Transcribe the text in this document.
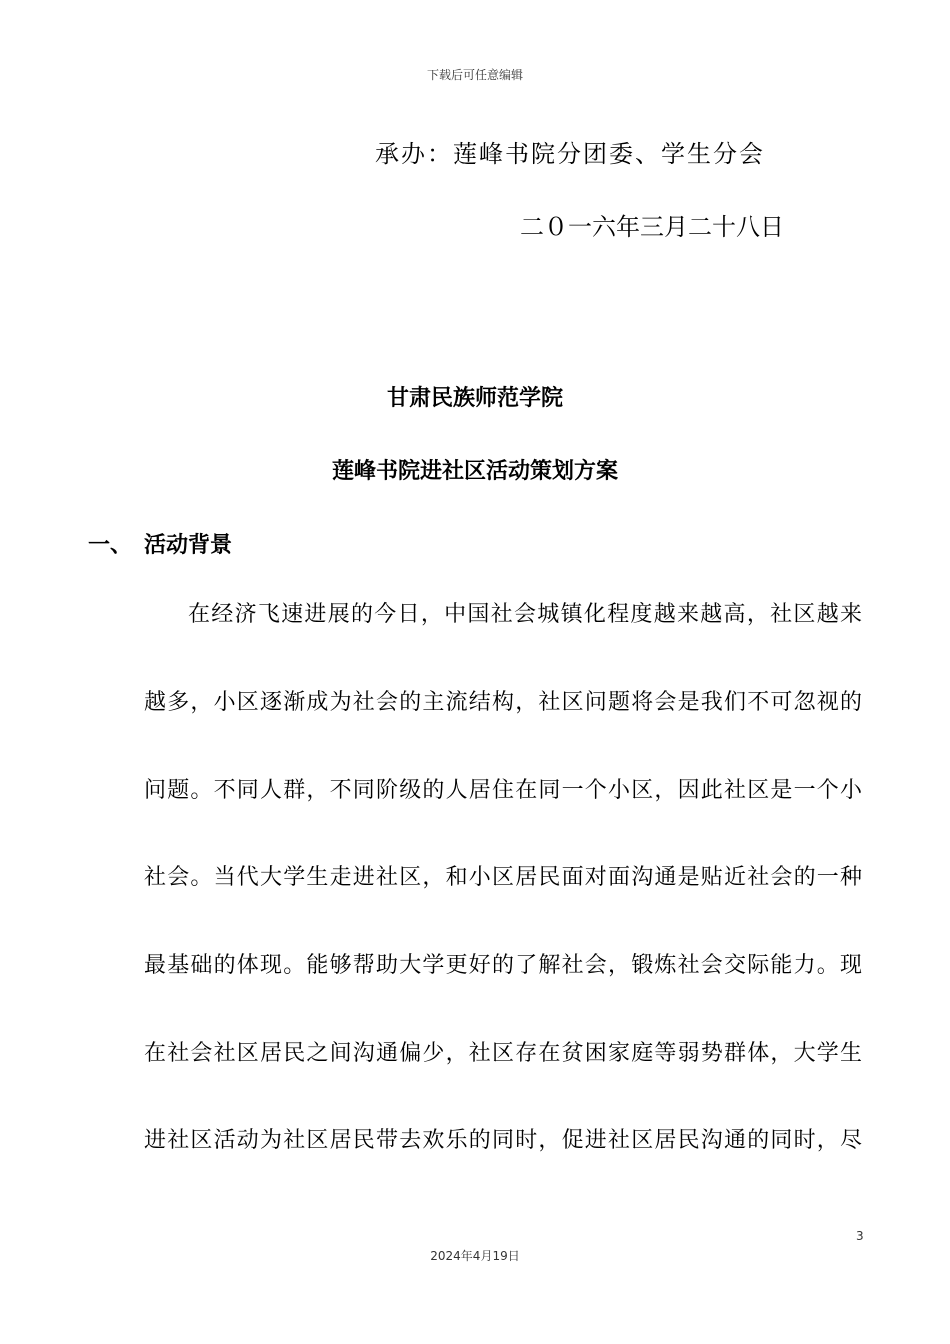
下载后可任意编辑
承办：莲峰书院分团委、学生分会
二０一六年三月二十八日
甘肃民族师范学院
莲峰书院进社区活动策划方案
一、 活动背景
在经济飞速进展的今日，中国社会城镇化程度越来越高，社区越来
越多，小区逐渐成为社会的主流结构，社区问题将会是我们不可忽视的
问题。不同人群，不同阶级的人居住在同一个小区，因此社区是一个小
社会。当代大学生走进社区，和小区居民面对面沟通是贴近社会的一种
最基础的体现。能够帮助大学更好的了解社会，锻炼社会交际能力。现
在社会社区居民之间沟通偏少，社区存在贫困家庭等弱势群体，大学生
进社区活动为社区居民带去欢乐的同时，促进社区居民沟通的同时，尽
3
2024年4月19日
